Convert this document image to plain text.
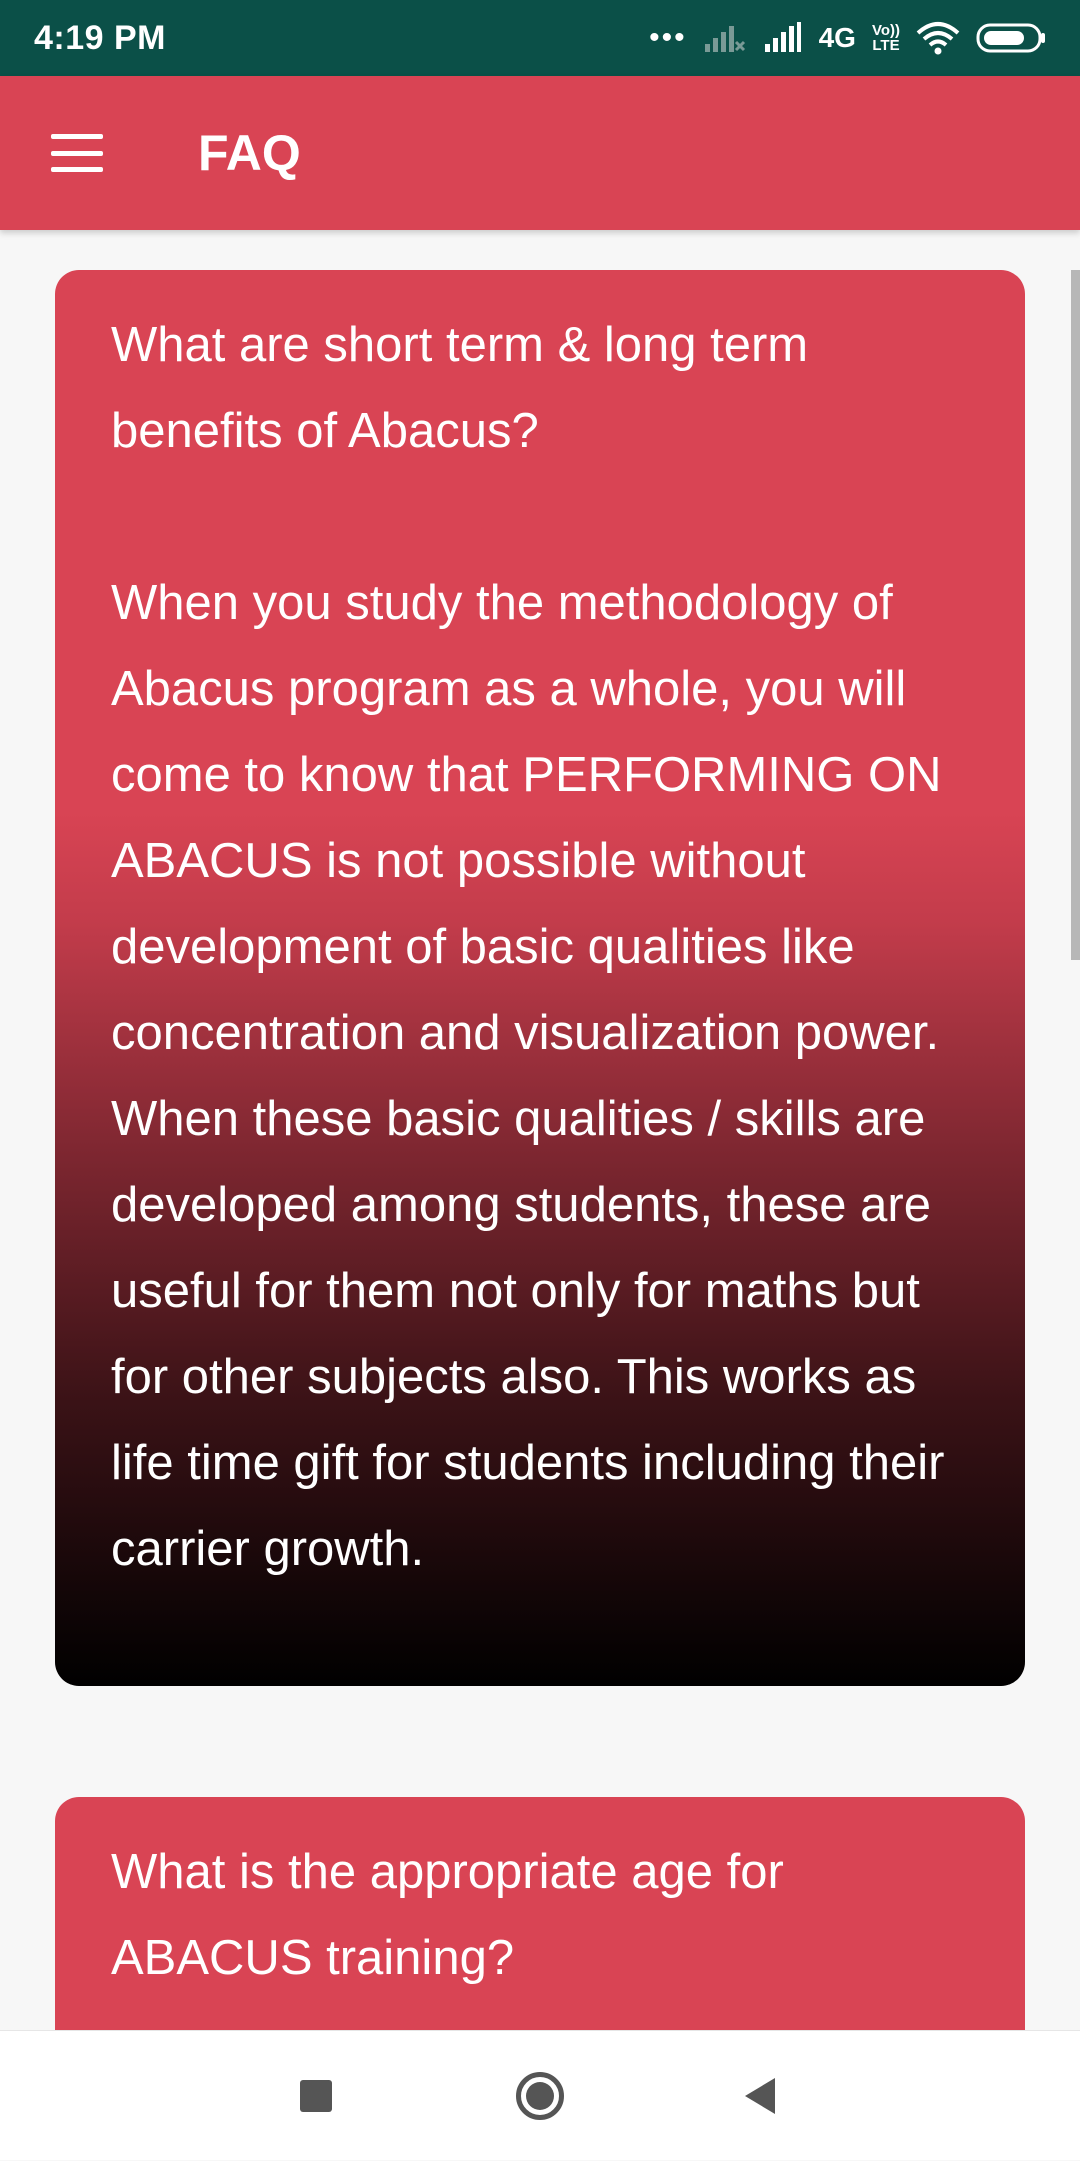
4:19 PM	•••	4G Vo))
LTE
FAQ
What are short term & long term benefits of Abacus?
When you study the methodology of Abacus program as a whole, you will come to know that PERFORMING ON ABACUS is not possible without development of basic qualities like concentration and visualization power. When these basic qualities / skills are developed among students, these are useful for them not only for maths but for other subjects also. This works as life time gift for students including their carrier growth.
What is the appropriate age for ABACUS training?
